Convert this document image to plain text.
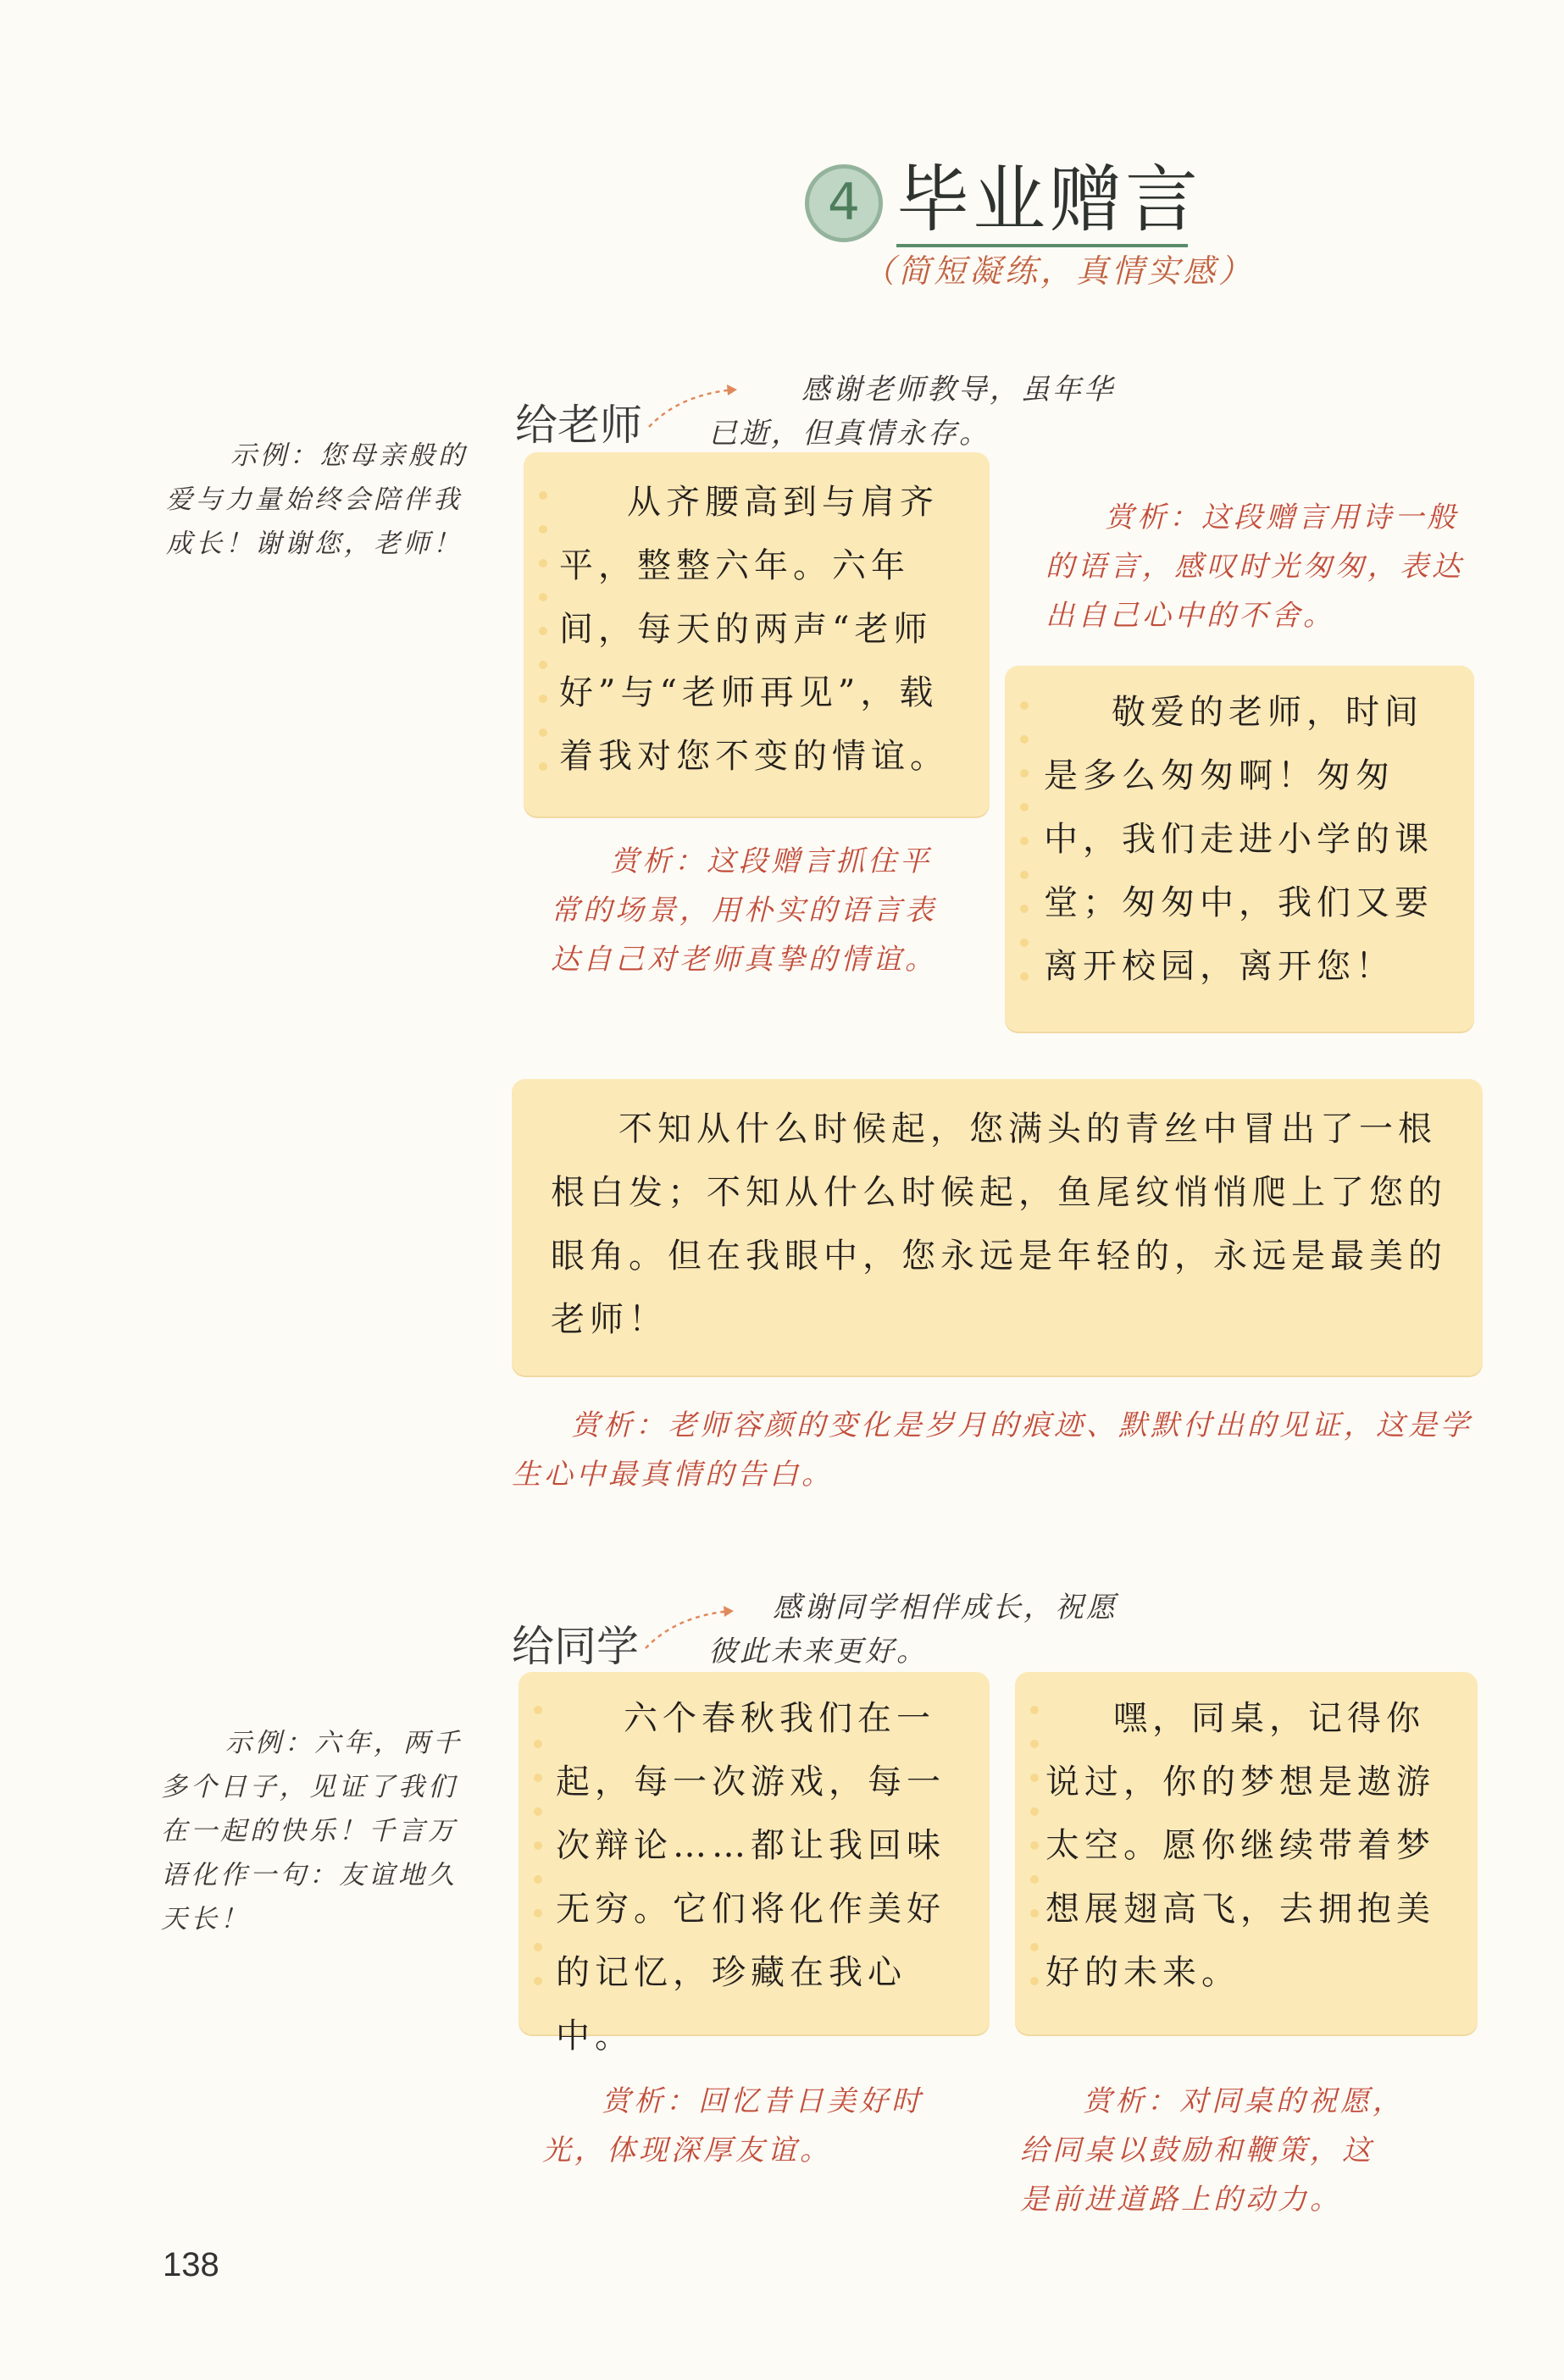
4 毕业赠言
（简短凝练，真情实感）
给老师
感谢老师教导，虽年华
已逝，但真情永存。
示例：您母亲般的
爱与力量始终会陪伴我
成长！谢谢您，老师！
从齐腰高到与肩齐平，整整六年。六年间，每天的两声“老师好”与“老师再见”，载着我对您不变的情谊。
赏析：这段赠言抓住平
常的场景，用朴实的语言表
达自己对老师真挚的情谊。
赏析：这段赠言用诗一般
的语言，感叹时光匆匆，表达
出自己心中的不舍。
敬爱的老师，时间是多么匆匆啊！匆匆中，我们走进小学的课堂；匆匆中，我们又要离开校园，离开您！
不知从什么时候起，您满头的青丝中冒出了一根根白发；不知从什么时候起，鱼尾纹悄悄爬上了您的眼角。但在我眼中，您永远是年轻的，永远是最美的老师！
赏析：老师容颜的变化是岁月的痕迹、默默付出的见证，这是学
生心中最真情的告白。
给同学
感谢同学相伴成长，祝愿
彼此未来更好。
示例：六年，两千
多个日子，见证了我们
在一起的快乐！千言万
语化作一句：友谊地久
天长！
六个春秋我们在一起，每一次游戏，每一次辩论……都让我回味无穷。它们将化作美好的记忆，珍藏在我心中。
赏析：回忆昔日美好时
光，体现深厚友谊。
嘿，同桌，记得你说过，你的梦想是遨游太空。愿你继续带着梦想展翅高飞，去拥抱美好的未来。
赏析：对同桌的祝愿，
给同桌以鼓励和鞭策，这
是前进道路上的动力。
138
